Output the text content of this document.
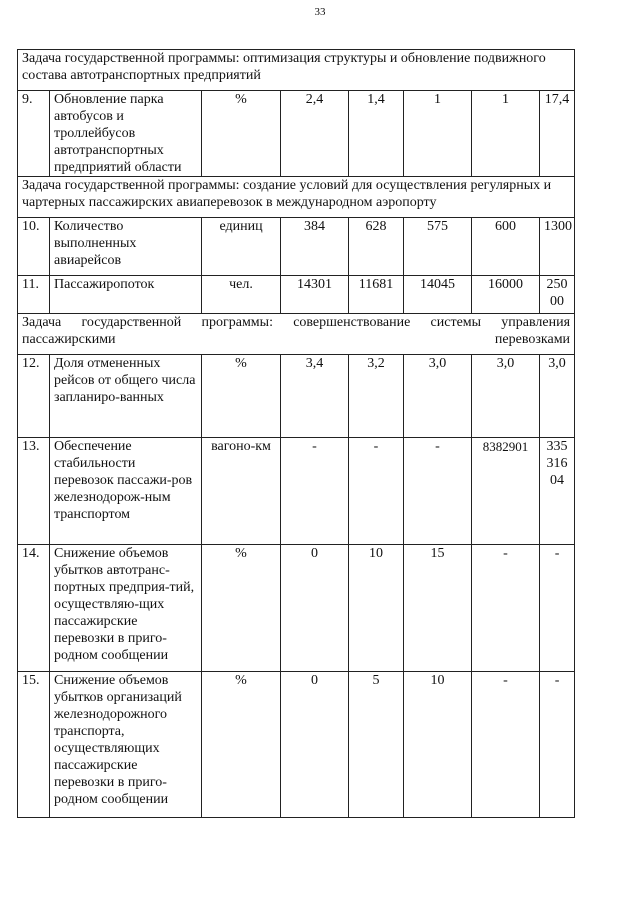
33
Задача государственной программы: оптимизация структуры и обновление подвижного состава автотранспортных предприятий							
9.	Обновление парка автобусов и троллейбусов автотранспортных предприятий области	%	2,4	1,4	1	1	17,4
Задача государственной программы: создание условий для осуществления регулярных и чартерных пассажирских авиаперевозок в международном аэропорту							
10.	Количество выполненных авиарейсов	единиц	384	628	575	600	1300
11.	Пассажиропоток	чел.	14301	11681	14045	16000	25000
Задача государственной программы: совершенствование системы управления пассажирскими перевозками							
12.	Доля отмененных рейсов от общего числа запланиро-ванных	%	3,4	3,2	3,0	3,0	3,0
13.	Обеспечение стабильности перевозок пассажи-ров железнодорож-ным транспортом	вагоно-км	-	-	-	8382901	33531604
14.	Снижение объемов убытков автотранс-портных предприя-тий, осуществляю-щих пассажирские перевозки в приго-родном сообщении	%	0	10	15	-	-
15.	Снижение объемов убытков организаций железнодорожного транспорта, осуществляющих пассажирские перевозки в приго-родном сообщении	%	0	5	10	-	-
